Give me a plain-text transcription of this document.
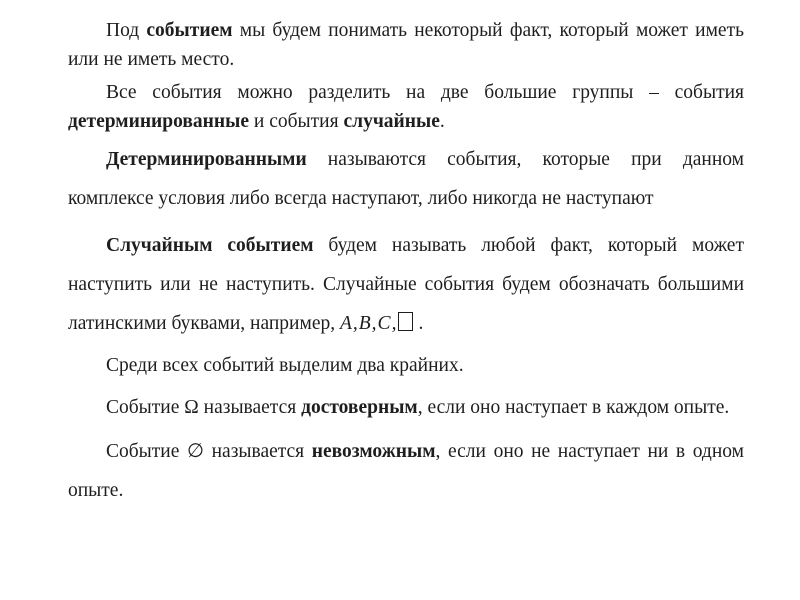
Под событием мы будем понимать некоторый факт, который может иметь или не иметь место.

Все события можно разделить на две большие группы – события детерминированные и события случайные.

Детерминированными называются события, которые при данном комплексе условия либо всегда наступают, либо никогда не наступают

Случайным событием будем называть любой факт, который может наступить или не наступить. Случайные события будем обозначать большими латинскими буквами, например, A,B,C, .

Среди всех событий выделим два крайних.

Событие Ω называется достоверным, если оно наступает в каждом опыте.

Событие ∅ называется невозможным, если оно не наступает ни в одном опыте.
